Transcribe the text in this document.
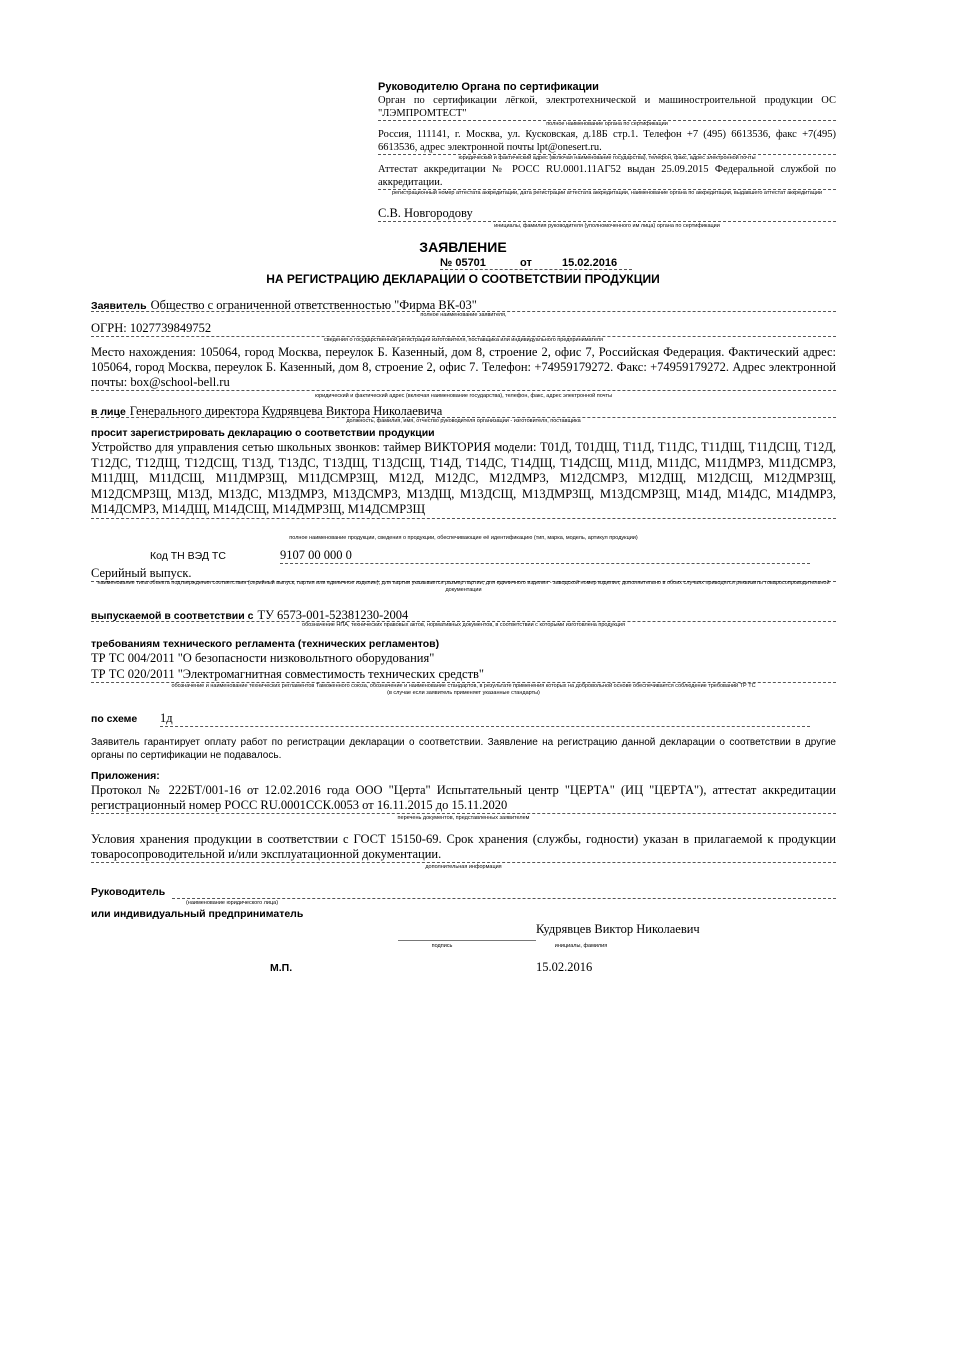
Руководителю Органа по сертификации
Орган по сертификации лёгкой, электротехнической и машиностроительной продукции ОС "ЛЭМПРОМТЕСТ"
полное наименование органа по сертификации
Россия, 111141, г. Москва, ул. Кусковская, д.18Б стр.1. Телефон +7 (495) 6613536, факс +7(495) 6613536, адрес электронной почты lpt@onesert.ru.
юридический и фактический адрес (включая наименование государства), телефон, факс, адрес электронной почты
Аттестат аккредитации № РОСС RU.0001.11АГ52 выдан 25.09.2015 Федеральной службой по аккредитации.
регистрационный номер аттестата аккредитации, дата регистрации аттестата аккредитации, наименование органа по аккредитации, выдавшего аттестат аккредитации
С.В. Новгородову
инициалы, фамилия руководителя (уполномоченного им лица) органа по сертификации
ЗАЯВЛЕНИЕ
№ 05701	от	15.02.2016
НА РЕГИСТРАЦИЮ ДЕКЛАРАЦИИ О СООТВЕТСТВИИ ПРОДУКЦИИ
Заявитель Общество с ограниченной ответственностью "Фирма ВК-03"
полное наименование заявителя,
ОГРН: 1027739849752
сведения о государственной регистрации изготовителя, поставщика или индивидуального предпринимателя
Место нахождения: 105064, город Москва, переулок Б. Казенный, дом 8, строение 2, офис 7, Российская Федерация. Фактический адрес: 105064, город Москва, переулок Б. Казенный, дом 8, строение 2, офис 7. Телефон: +74959179272. Факс: +74959179272. Адрес электронной почты: box@school-bell.ru
юридический и фактический адрес (включая наименование государства), телефон, факс, адрес электронной почты
в лице Генерального директора Кудрявцева Виктора Николаевича
должность, фамилия, имя, отчество руководителя организации - изготовителя, поставщика
просит зарегистрировать декларацию о соответствии продукции
Устройство для управления сетью школьных звонков: таймер ВИКТОРИЯ модели: Т01Д, Т01ДЩ, Т11Д, Т11ДС, Т11ДЩ, Т11ДСЩ, Т12Д, Т12ДС, Т12ДЩ, Т12ДСЩ, Т13Д, Т13ДС, Т13ДЩ, Т13ДСЩ, Т14Д, Т14ДС, Т14ДЩ, Т14ДСЩ, М11Д, М11ДС, М11ДМР3, М11ДСМР3, М11ДЩ, М11ДСЩ, М11ДМР3Щ, М11ДСМР3Щ, М12Д, М12ДС, М12ДМР3, М12ДСМР3, М12ДЩ, М12ДСЩ, М12ДМР3Щ, М12ДСМР3Щ, М13Д, М13ДС, М13ДМР3, М13ДСМР3, М13ДЩ, М13ДСЩ, М13ДМР3Щ, М13ДСМР3Щ, М14Д, М14ДС, М14ДМР3, М14ДСМР3, М14ДЩ, М14ДСЩ, М14ДМР3Щ, М14ДСМР3Щ
полное наименование продукции, сведения о продукции, обеспечивающие её идентификацию (тип, марка, модель, артикул продукции)
Код ТН ВЭД ТС	9107 00 000 0
Серийный выпуск.
наименование типа объекта подтверждения соответствия (серийный выпуск, партия или единичное изделие), для партии указывается размер партии, для единичного изделия - заводской номер изделия, дополнительно в обоих случаях приводятся реквизиты товаросопроводительной документации
выпускаемой в соответствии с ТУ 6573-001-52381230-2004
обозначение НПА, технических правовых актов, нормативных документов, в соответствии с которыми изготовлена продукция
требованиям технического регламента (технических регламентов)
ТР ТС 004/2011 "О безопасности низковольтного оборудования"
ТР ТС 020/2011 "Электромагнитная совместимость технических средств"
обозначение и наименование технических регламентов Таможенного союза, обозначение и наименование стандартов, в результате применения которых на добровольной основе обеспечивается соблюдение требований ТР ТС
(в случае если заявитель применяет указанные стандарты)
по схеме 1д
Заявитель гарантирует оплату работ по регистрации декларации о соответствии. Заявление на регистрацию данной декларации о соответствии в другие органы по сертификации не подавалось.
Приложения:
Протокол № 222БТ/001-16 от 12.02.2016 года ООО "Церта" Испытательный центр "ЦЕРТА" (ИЦ "ЦЕРТА"), аттестат аккредитации регистрационный номер РОСС RU.0001ССК.0053 от 16.11.2015 до 15.11.2020
перечень документов, представленных заявителем
Условия хранения продукции в соответствии с ГОСТ 15150-69. Срок хранения (службы, годности) указан в прилагаемой к продукции товаросопроводительной и/или эксплуатационной документации.
дополнительная информация
Руководитель
(наименование юридического лица)
или индивидуальный предприниматель
Кудрявцев Виктор Николаевич
подпись	инициалы, фамилия
М.П.	15.02.2016
